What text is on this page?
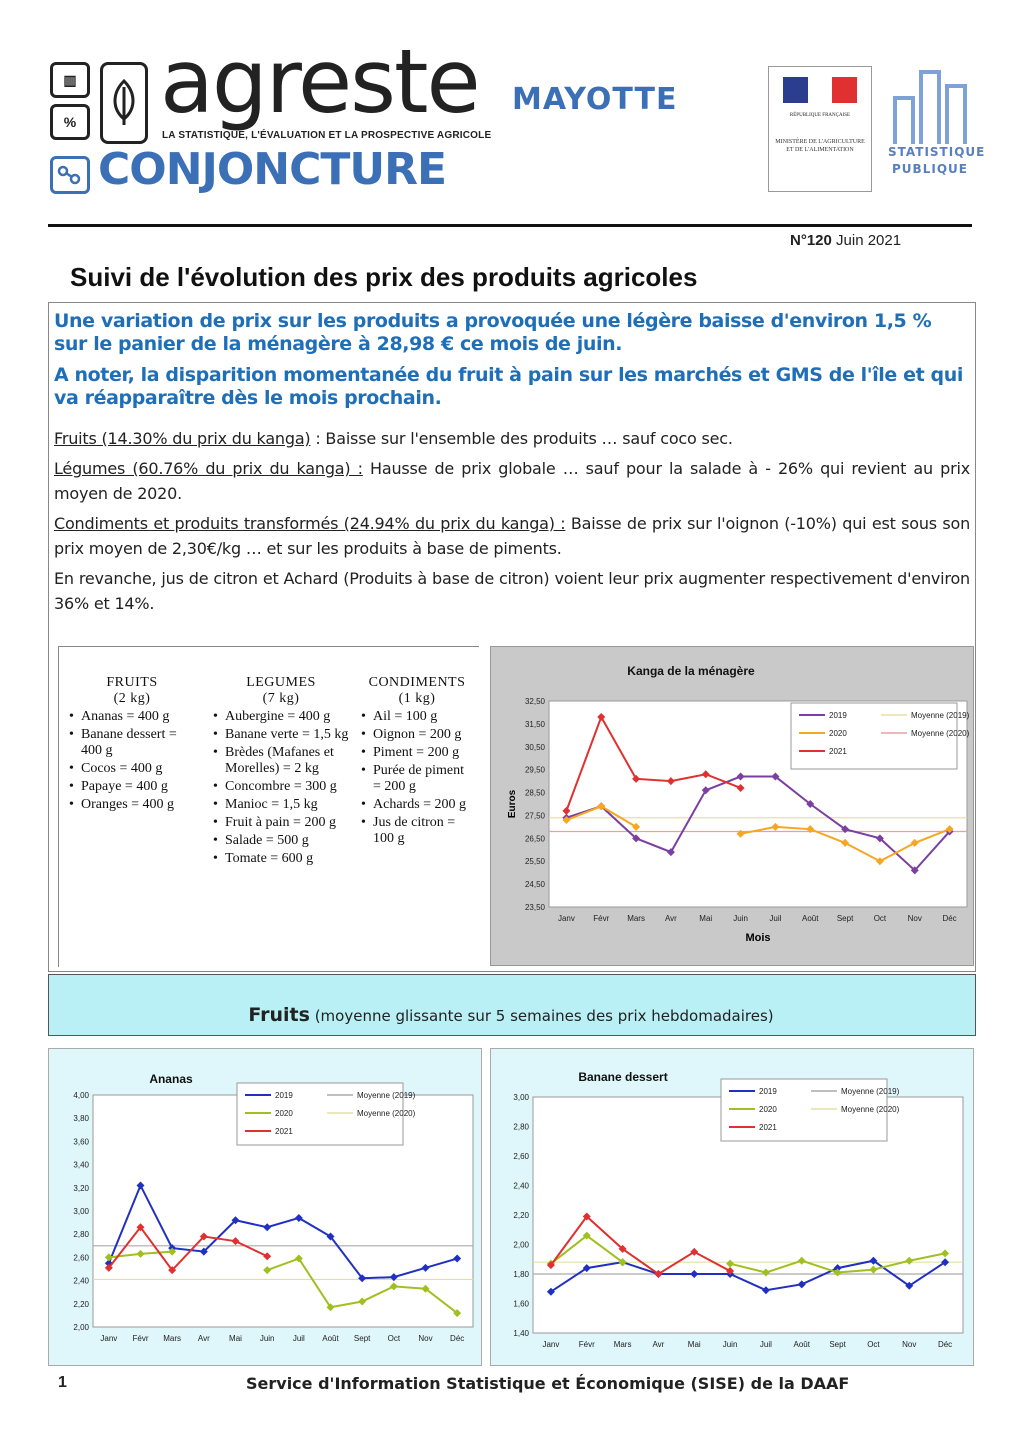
▥
% agreste
LA STATISTIQUE, L'ÉVALUATION ET LA PROSPECTIVE AGRICOLE
MAYOTTE
CONJONCTURE
RÉPUBLIQUE FRANÇAISE
MINISTÈRE DE L'AGRICULTURE ET DE L'ALIMENTATION	STATISTIQUE
PUBLIQUE
N°120 Juin 2021
Suivi de l'évolution des prix des produits agricoles

Une variation de prix sur les produits a provoquée une légère baisse d'environ 1,5 % sur le panier de la ménagère à 28,98 € ce mois de juin.

A noter, la disparition momentanée du fruit à pain sur les marchés et GMS de l'île et qui va réapparaître dès le mois prochain.

Fruits (14.30% du prix du kanga) : Baisse sur l'ensemble des produits … sauf coco sec.

Légumes (60.76% du prix du kanga) : Hausse de prix globale … sauf pour la salade à - 26% qui revient au prix moyen de 2020.

Condiments et produits transformés (24.94% du prix du kanga) : Baisse de prix sur l'oignon (-10%) qui est sous son prix moyen de 2,30€/kg … et sur les produits à base de piments.

En revanche, jus de citron et Achard (Produits à base de citron) voient leur prix augmenter respectivement d'environ 36% et 14%.

FRUITS
(2 kg)
• Ananas = 400 g
• Banane dessert = 400 g
• Cocos = 400 g
• Papaye = 400 g
• Oranges = 400 g
LEGUMES
(7 kg)
• Aubergine = 400 g
• Banane verte = 1,5 kg
• Brèdes (Mafanes et Morelles) = 2 kg
• Concombre = 300 g
• Manioc = 1,5 kg
• Fruit à pain = 200 g
• Salade = 500 g
• Tomate = 600 g
CONDIMENTS
(1 kg)
• Ail = 100 g
• Oignon = 200 g
• Piment = 200 g
• Purée de piment = 200 g
• Achards = 200 g
• Jus de citron = 100 g
Kanga de la ménagère
23,50
24,50
25,50
26,50
27,50
28,50
29,50
30,50
31,50
32,50
Janv Févr Mars	Avr	Mai	Juin	Juil	Août Sept	Oct	Nov	Déc
Mois
Euros
2019
2020
2021
Moyenne (2019)
Moyenne (2020)
Fruits (moyenne glissante sur 5 semaines des prix hebdomadaires)
Ananas
2,00
2,20
2,40
2,60
2,80
3,00
3,20
3,40
3,60
3,80
4,00
Janv Févr Mars Avr Mai Juin Juil Août Sept Oct Nov Déc
2019
2020
2021
Moyenne (2019)
Moyenne (2020)
Banane dessert
1,40
1,60
1,80
2,00
2,20
2,40
2,60
2,80
3,00
Janv Févr Mars	Avr	Mai	Juin	Juil	Août Sept	Oct	Nov	Déc
2019
2020
2021
Moyenne (2019)
Moyenne (2020)
1	Service d'Information Statistique et Économique (SISE) de la DAAF
